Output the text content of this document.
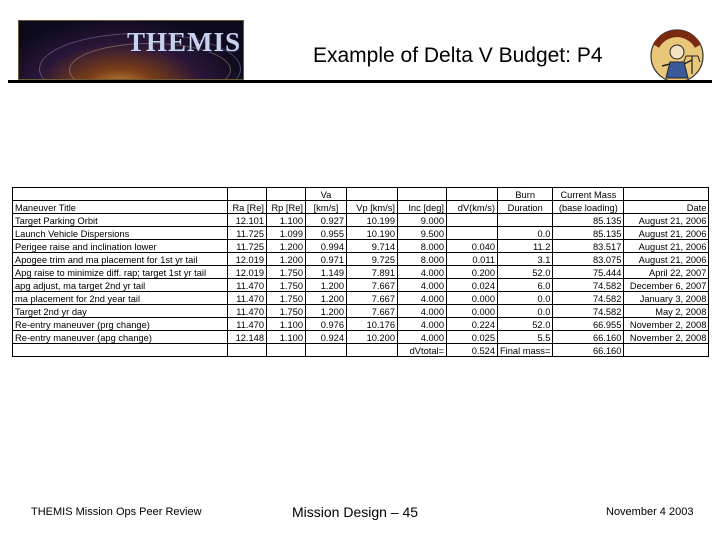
THEMIS	Example of Delta V Budget: P4
			Va				Burn	Current Mass	
Maneuver Title	Ra [Re]	Rp [Re]	[km/s]	Vp [km/s]	Inc [deg]	dV(km/s)	Duration	(base loading)	Date
Target Parking Orbit	12.101	1.100	0.927	10.199	9.000			85.135	August 21, 2006
Launch Vehicle Dispersions	11.725	1.099	0.955	10.190	9.500		0.0	85.135	August 21, 2006
Perigee raise and inclination lower	11.725	1.200	0.994	9.714	8.000	0.040	11.2	83.517	August 21, 2006
Apogee trim and ma placement for 1st yr tail	12.019	1.200	0.971	9.725	8.000	0.011	3.1	83.075	August 21, 2006
Apg raise to minimize diff. rap; target 1st yr tail	12.019	1.750	1.149	7.891	4.000	0.200	52.0	75.444	April 22, 2007
apg adjust, ma target 2nd yr tail	11.470	1.750	1.200	7.667	4.000	0.024	6.0	74.582	December 6, 2007
ma placement for 2nd year tail	11.470	1.750	1.200	7.667	4.000	0.000	0.0	74.582	January 3, 2008
Target 2nd yr day	11.470	1.750	1.200	7.667	4.000	0.000	0.0	74.582	May 2, 2008
Re-entry maneuver (prg change)	11.470	1.100	0.976	10.176	4.000	0.224	52.0	66.955	November 2, 2008
Re-entry maneuver (apg change)	12.148	1.100	0.924	10.200	4.000	0.025	5.5	66.160	November 2, 2008
					dVtotal=	0.524	Final mass=	66.160	
THEMIS Mission Ops Peer Review	Mission Design – 45	November 4 2003
